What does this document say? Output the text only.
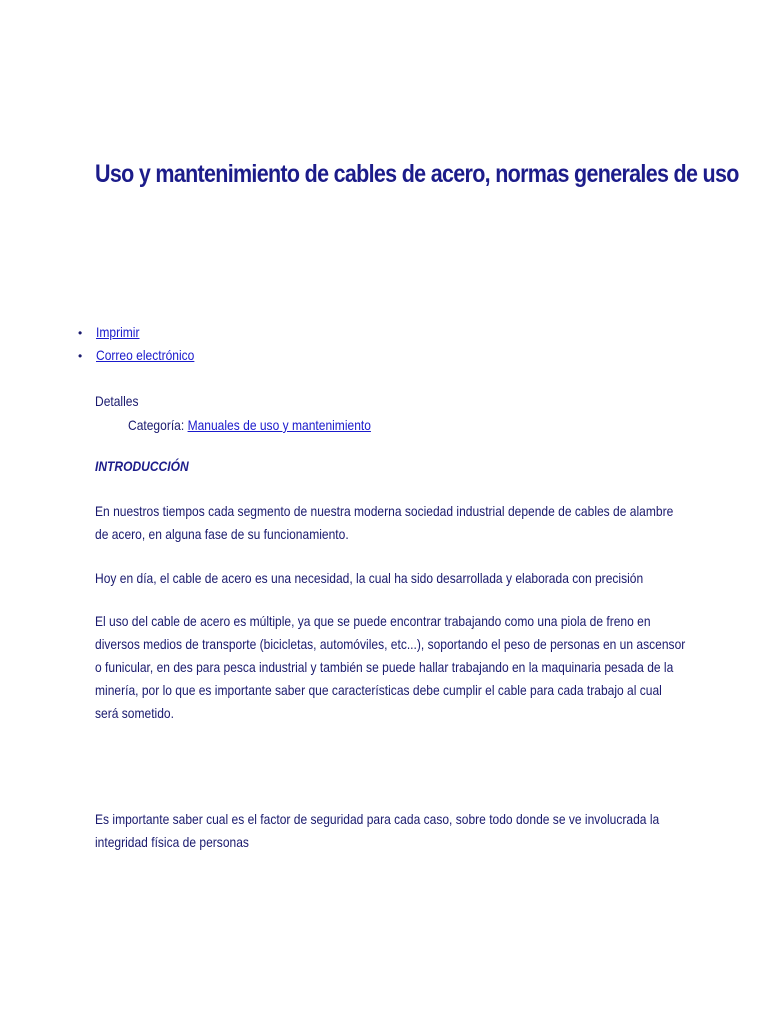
Uso y mantenimiento de cables de acero, normas generales de uso
• Imprimir
• Correo electrónico

Detalles

Categoría: Manuales de uso y mantenimiento

INTRODUCCIÓN

En nuestros tiempos cada segmento de nuestra moderna sociedad industrial depende de cables de alambre de acero, en alguna fase de su funcionamiento.

Hoy en día, el cable de acero es una necesidad, la cual ha sido desarrollada y elaborada con precisión

El uso del cable de acero es múltiple, ya que se puede encontrar trabajando como una piola de freno en diversos medios de transporte (bicicletas, automóviles, etc...), soportando el peso de personas en un ascensor o funicular, en des para pesca industrial y también se puede hallar trabajando en la maquinaria pesada de la minería, por lo que es importante saber que características debe cumplir el cable para cada trabajo al cual será sometido.

Es importante saber cual es el factor de seguridad para cada caso, sobre todo donde se ve involucrada la integridad física de personas
